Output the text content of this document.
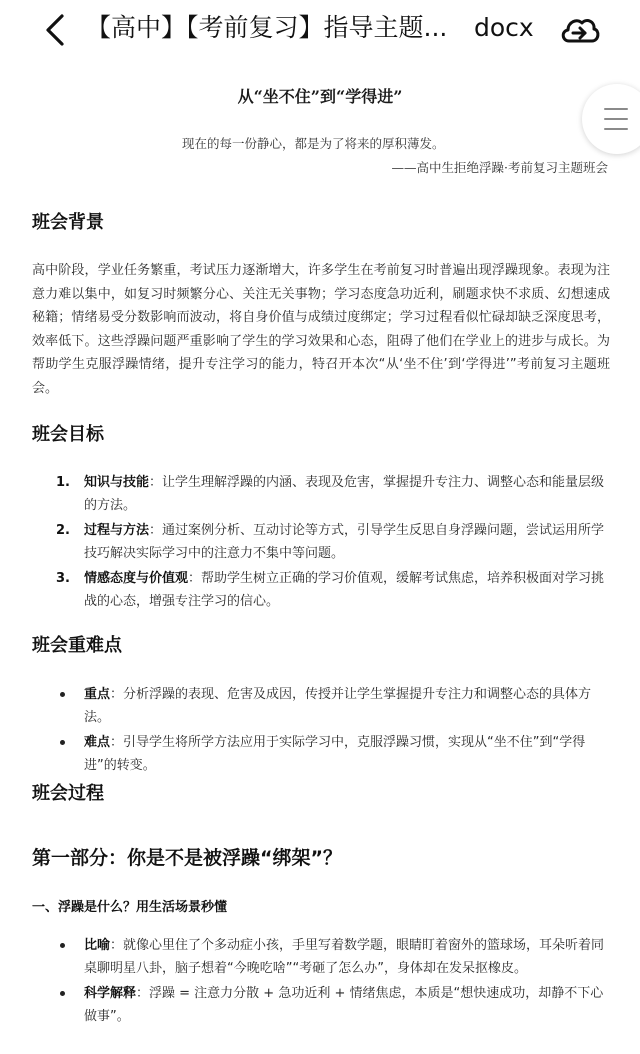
【高中】【考前复习】指导主题...	docx
从“坐不住”到“学得进”
现在的每一份静心，都是为了将来的厚积薄发。
——高中生拒绝浮躁·考前复习主题班会
班会背景
高中阶段，学业任务繁重，考试压力逐渐增大，许多学生在考前复习时普遍出现浮躁现象。表现为注意力难以集中，如复习时频繁分心、关注无关事物；学习态度急功近利，刷题求快不求质、幻想速成秘籍；情绪易受分数影响而波动，将自身价值与成绩过度绑定；学习过程看似忙碌却缺乏深度思考，效率低下。这些浮躁问题严重影响了学生的学习效果和心态，阻碍了他们在学业上的进步与成长。为帮助学生克服浮躁情绪，提升专注学习的能力，特召开本次“从‘坐不住’到‘学得进’”考前复习主题班会。
班会目标
1. 知识与技能：让学生理解浮躁的内涵、表现及危害，掌握提升专注力、调整心态和能量层级的方法。
2. 过程与方法：通过案例分析、互动讨论等方式，引导学生反思自身浮躁问题，尝试运用所学技巧解决实际学习中的注意力不集中等问题。
3. 情感态度与价值观：帮助学生树立正确的学习价值观，缓解考试焦虑，培养积极面对学习挑战的心态，增强专注学习的信心。
班会重难点
重点：分析浮躁的表现、危害及成因，传授并让学生掌握提升专注力和调整心态的具体方法。
难点：引导学生将所学方法应用于实际学习中，克服浮躁习惯，实现从“坐不住”到“学得进”的转变。
班会过程
第一部分：你是不是被浮躁“绑架”？
一、浮躁是什么？用生活场景秒懂
比喻：就像心里住了个多动症小孩，手里写着数学题，眼睛盯着窗外的篮球场，耳朵听着同桌聊明星八卦，脑子想着“今晚吃啥”“考砸了怎么办”，身体却在发呆抠橡皮。
科学解释：浮躁 = 注意力分散 + 急功近利 + 情绪焦虑，本质是“想快速成功，却静不下心做事”。
